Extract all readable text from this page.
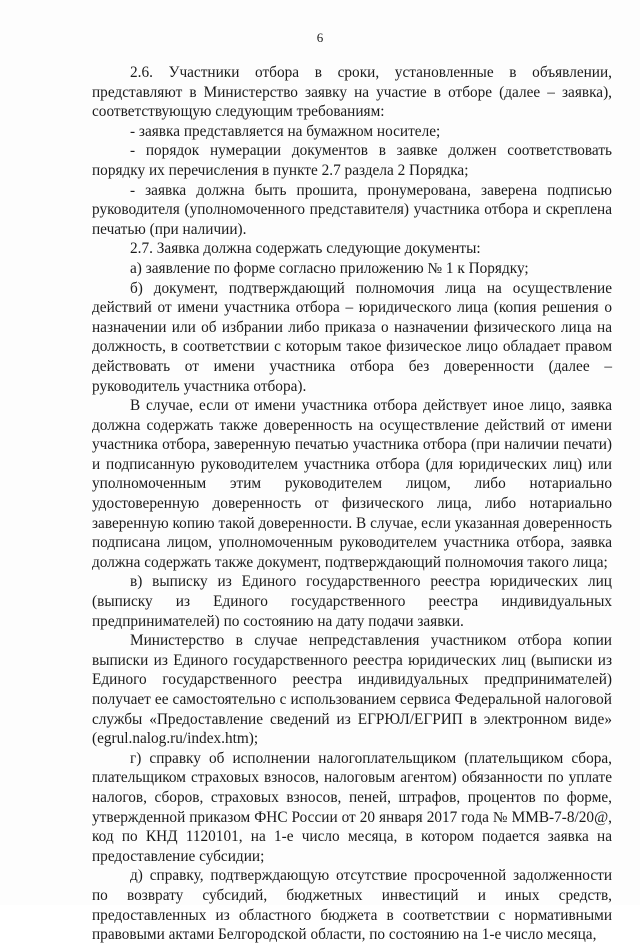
6

2.6. Участники отбора в сроки, установленные в объявлении, представляют в Министерство заявку на участие в отборе (далее – заявка), соответствующую следующим требованиям:

- заявка представляется на бумажном носителе;

- порядок нумерации документов в заявке должен соответствовать порядку их перечисления в пункте 2.7 раздела 2 Порядка;

- заявка должна быть прошита, пронумерована, заверена подписью руководителя (уполномоченного представителя) участника отбора и скреплена печатью (при наличии).

2.7. Заявка должна содержать следующие документы:

а) заявление по форме согласно приложению № 1 к Порядку;

б) документ, подтверждающий полномочия лица на осуществление действий от имени участника отбора – юридического лица (копия решения о назначении или об избрании либо приказа о назначении физического лица на должность, в соответствии с которым такое физическое лицо обладает правом действовать от имени участника отбора без доверенности (далее – руководитель участника отбора).

В случае, если от имени участника отбора действует иное лицо, заявка должна содержать также доверенность на осуществление действий от имени участника отбора, заверенную печатью участника отбора (при наличии печати) и подписанную руководителем участника отбора (для юридических лиц) или уполномоченным этим руководителем лицом, либо нотариально удостоверенную доверенность от физического лица, либо нотариально заверенную копию такой доверенности. В случае, если указанная доверенность подписана лицом, уполномоченным руководителем участника отбора, заявка должна содержать также документ, подтверждающий полномочия такого лица;

в) выписку из Единого государственного реестра юридических лиц (выписку из Единого государственного реестра индивидуальных предпринимателей) по состоянию на дату подачи заявки.

Министерство в случае непредставления участником отбора копии выписки из Единого государственного реестра юридических лиц (выписки из Единого государственного реестра индивидуальных предпринимателей) получает ее самостоятельно с использованием сервиса Федеральной налоговой службы «Предоставление сведений из ЕГРЮЛ/ЕГРИП в электронном виде» (egrul.nalog.ru/index.htm);

г) справку об исполнении налогоплательщиком (плательщиком сбора, плательщиком страховых взносов, налоговым агентом) обязанности по уплате налогов, сборов, страховых взносов, пеней, штрафов, процентов по форме, утвержденной приказом ФНС России от 20 января 2017 года № ММВ-7-8/20@, код по КНД 1120101, на 1-е число месяца, в котором подается заявка на предоставление субсидии;

д) справку, подтверждающую отсутствие просроченной задолженности по возврату субсидий, бюджетных инвестиций и иных средств, предоставленных из областного бюджета в соответствии с нормативными правовыми актами Белгородской области, по состоянию на 1-е число месяца,
